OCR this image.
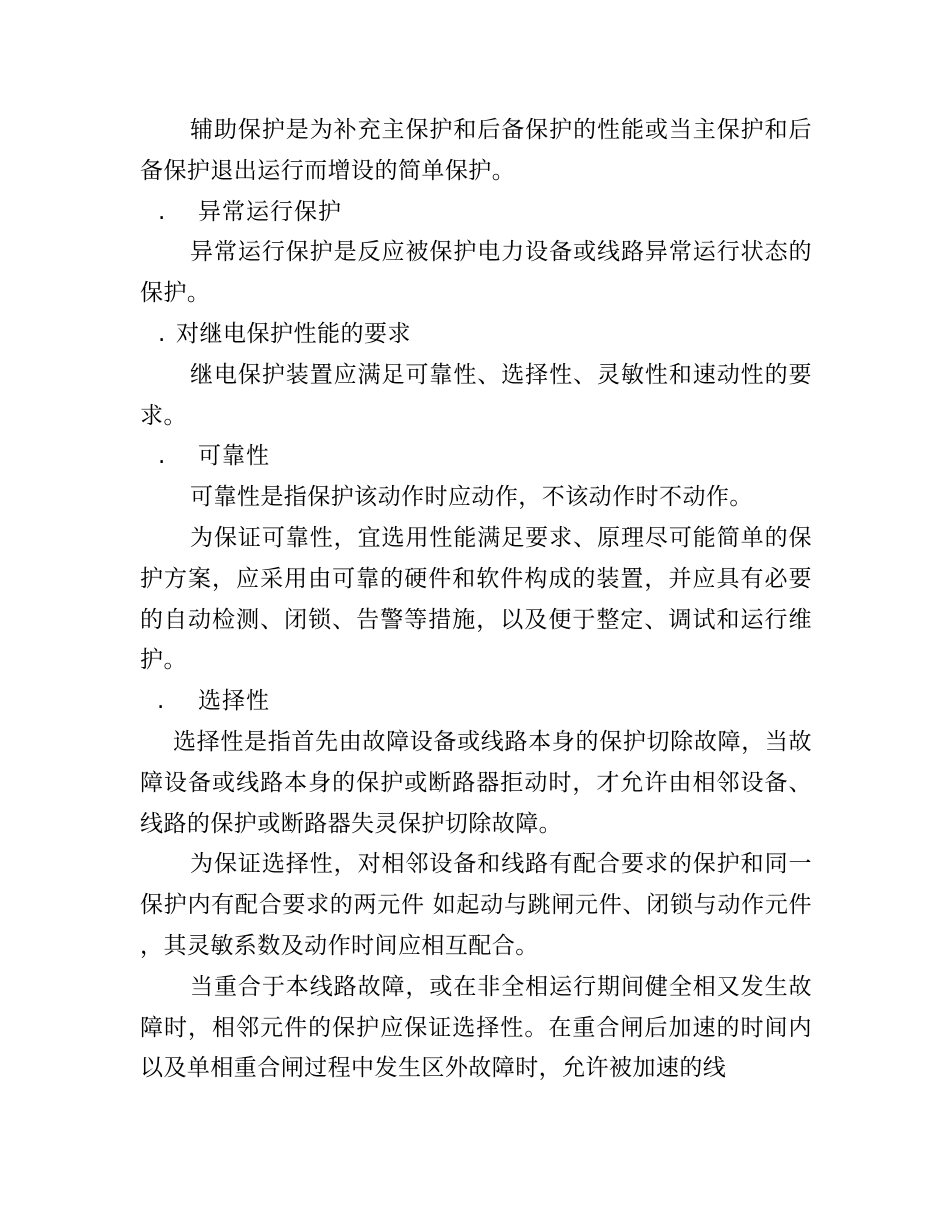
辅助保护是为补充主保护和后备保护的性能或当主保护和后备保护退出运行而增设的简单保护。

. 异常运行保护

异常运行保护是反应被保护电力设备或线路异常运行状态的保护。

. 对继电保护性能的要求

继电保护装置应满足可靠性、选择性、灵敏性和速动性的要求。

. 可靠性

可靠性是指保护该动作时应动作，不该动作时不动作。

为保证可靠性，宜选用性能满足要求、原理尽可能简单的保护方案，应采用由可靠的硬件和软件构成的装置，并应具有必要的自动检测、闭锁、告警等措施，以及便于整定、调试和运行维护。

. 选择性

选择性是指首先由故障设备或线路本身的保护切除故障，当故障设备或线路本身的保护或断路器拒动时，才允许由相邻设备、线路的保护或断路器失灵保护切除故障。

为保证选择性，对相邻设备和线路有配合要求的保护和同一保护内有配合要求的两元件 如起动与跳闸元件、闭锁与动作元件 ，其灵敏系数及动作时间应相互配合。

当重合于本线路故障，或在非全相运行期间健全相又发生故障时，相邻元件的保护应保证选择性。在重合闸后加速的时间内以及单相重合闸过程中发生区外故障时，允许被加速的线
